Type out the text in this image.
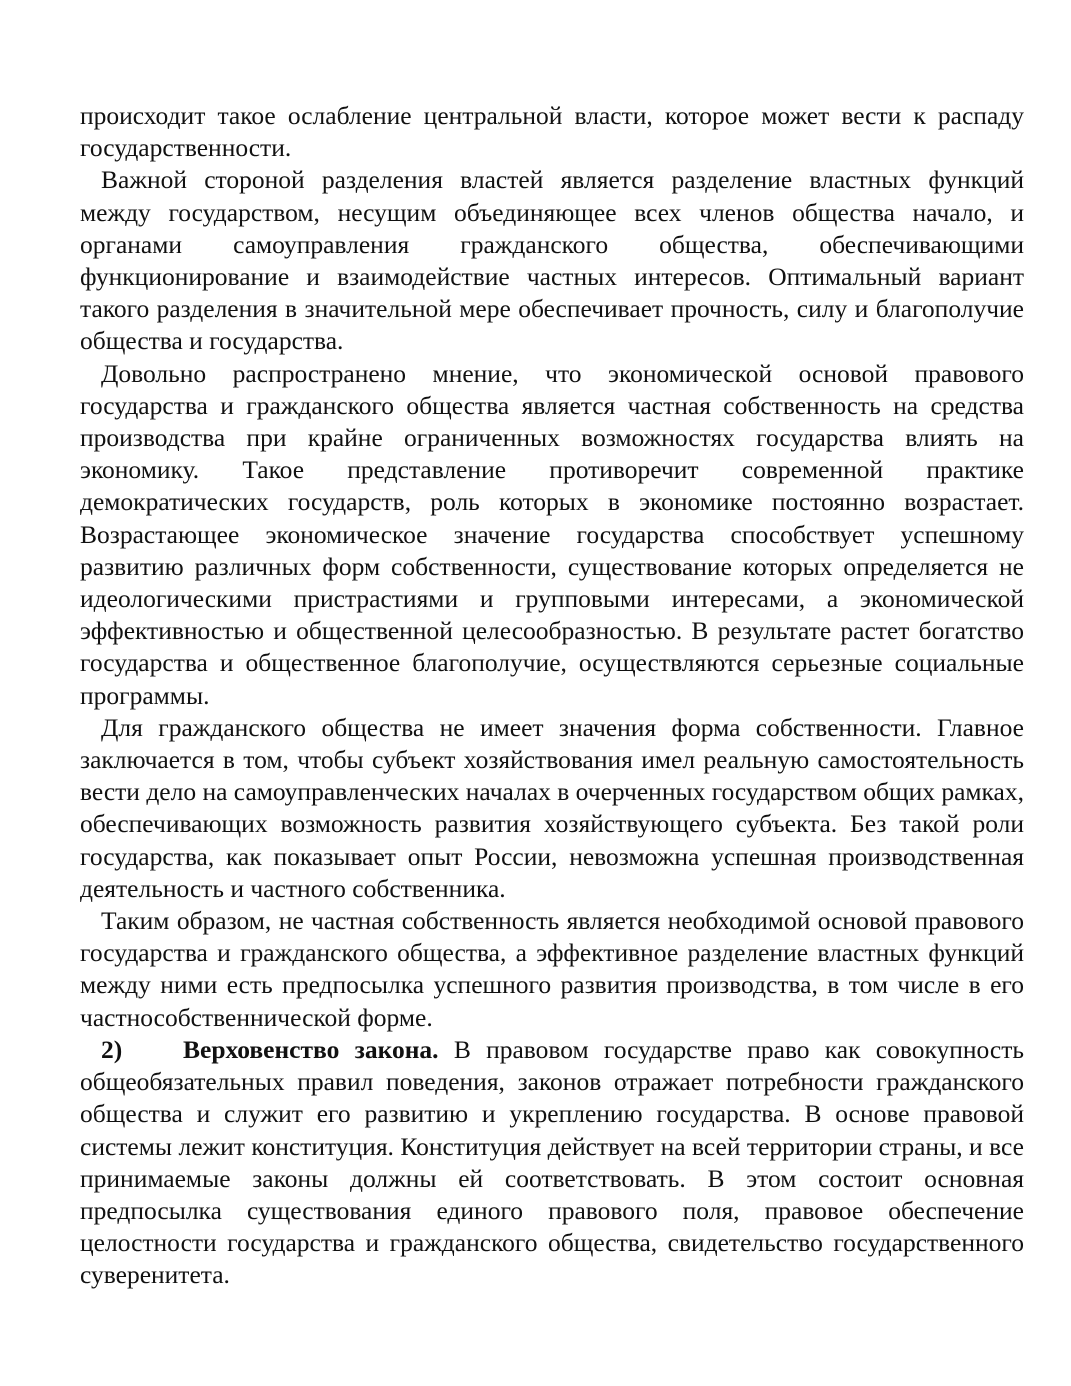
происходит такое ослабление центральной власти, которое может вести к распаду государственности.

Важной стороной разделения властей является разделение властных функций между государством, несущим объединяющее всех членов общества начало, и органами самоуправления гражданского общества, обеспечивающими функционирование и взаимодействие частных интересов. Оптимальный вариант такого разделения в значительной мере обеспечивает прочность, силу и благополучие общества и государства.

Довольно распространено мнение, что экономической основой правового государства и гражданского общества является частная собственность на средства производства при крайне ограниченных возможностях государства влиять на экономику. Такое представление противоречит современной практике демократических государств, роль которых в экономике постоянно возрастает. Возрастающее экономическое значение государства способствует успешному развитию различных форм собственности, существование которых определяется не идеологическими пристрастиями и групповыми интересами, а экономической эффективностью и общественной целесообразностью. В результате растет богатство государства и общественное благополучие, осуществляются серьезные социальные программы.

Для гражданского общества не имеет значения форма собственности. Главное заключается в том, чтобы субъект хозяйствования имел реальную самостоятельность вести дело на самоуправленческих началах в очерченных государством общих рамках, обеспечивающих возможность развития хозяйствующего субъекта. Без такой роли государства, как показывает опыт России, невозможна успешная производственная деятельность и частного собственника.

Таким образом, не частная собственность является необходимой основой правового государства и гражданского общества, а эффективное разделение властных функций между ними есть предпосылка успешного развития производства, в том числе в его частнособственнической форме.

2) Верховенство закона. В правовом государстве право как совокупность общеобязательных правил поведения, законов отражает потребности гражданского общества и служит его развитию и укреплению государства. В основе правовой системы лежит конституция. Конституция действует на всей территории страны, и все принимаемые законы должны ей соответствовать. В этом состоит основная предпосылка существования единого правового поля, правовое обеспечение целостности государства и гражданского общества, свидетельство государственного суверенитета.
